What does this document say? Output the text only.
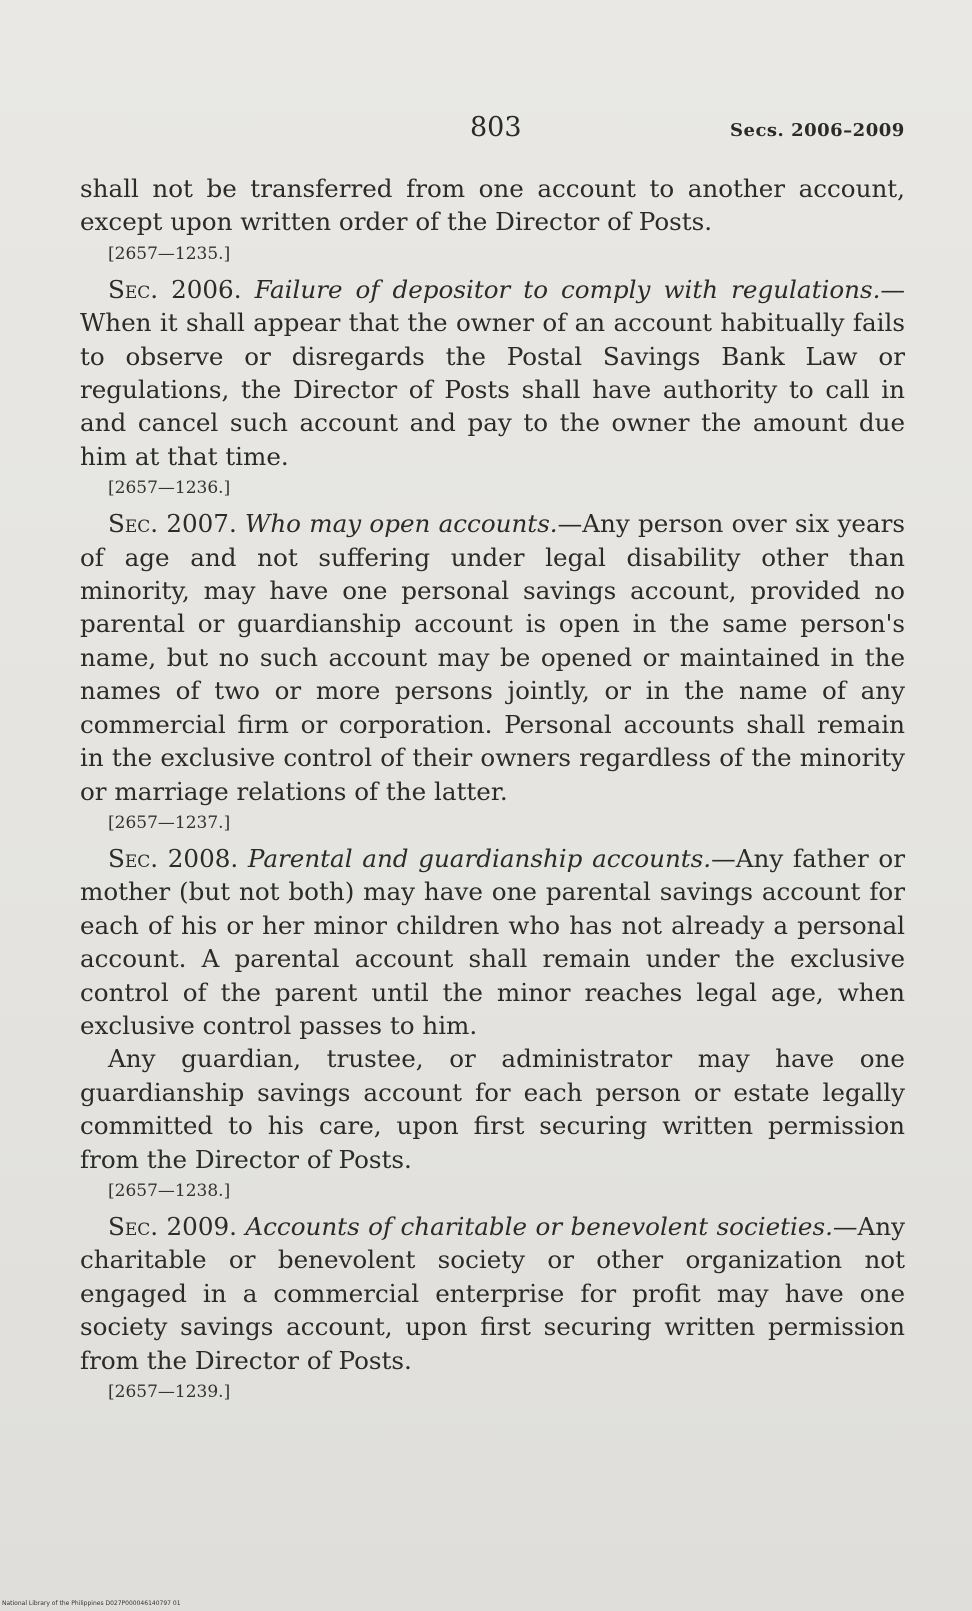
803	Secs. 2006–2009

shall not be transferred from one account to another account, except upon written order of the Director of Posts.

[2657—1235.]

Sec. 2006. Failure of depositor to comply with regulations.—When it shall appear that the owner of an account habitually fails to observe or disregards the Postal Savings Bank Law or regulations, the Director of Posts shall have authority to call in and cancel such account and pay to the owner the amount due him at that time.

[2657—1236.]

Sec. 2007. Who may open accounts.—Any person over six years of age and not suffering under legal disability other than minority, may have one personal savings account, provided no parental or guardianship account is open in the same person's name, but no such account may be opened or maintained in the names of two or more persons jointly, or in the name of any commercial firm or corporation. Personal accounts shall remain in the exclusive control of their owners regardless of the minority or marriage relations of the latter.

[2657—1237.]

Sec. 2008. Parental and guardianship accounts.—Any father or mother (but not both) may have one parental savings account for each of his or her minor children who has not already a personal account. A parental account shall remain under the exclusive control of the parent until the minor reaches legal age, when exclusive control passes to him.

Any guardian, trustee, or administrator may have one guardianship savings account for each person or estate legally committed to his care, upon first securing written permission from the Director of Posts.

[2657—1238.]

Sec. 2009. Accounts of charitable or benevolent societies.—Any charitable or benevolent society or other organization not engaged in a commercial enterprise for profit may have one society savings account, upon first securing written permission from the Director of Posts.

[2657—1239.]

National Library of the Philippines D027P000046140797 01
